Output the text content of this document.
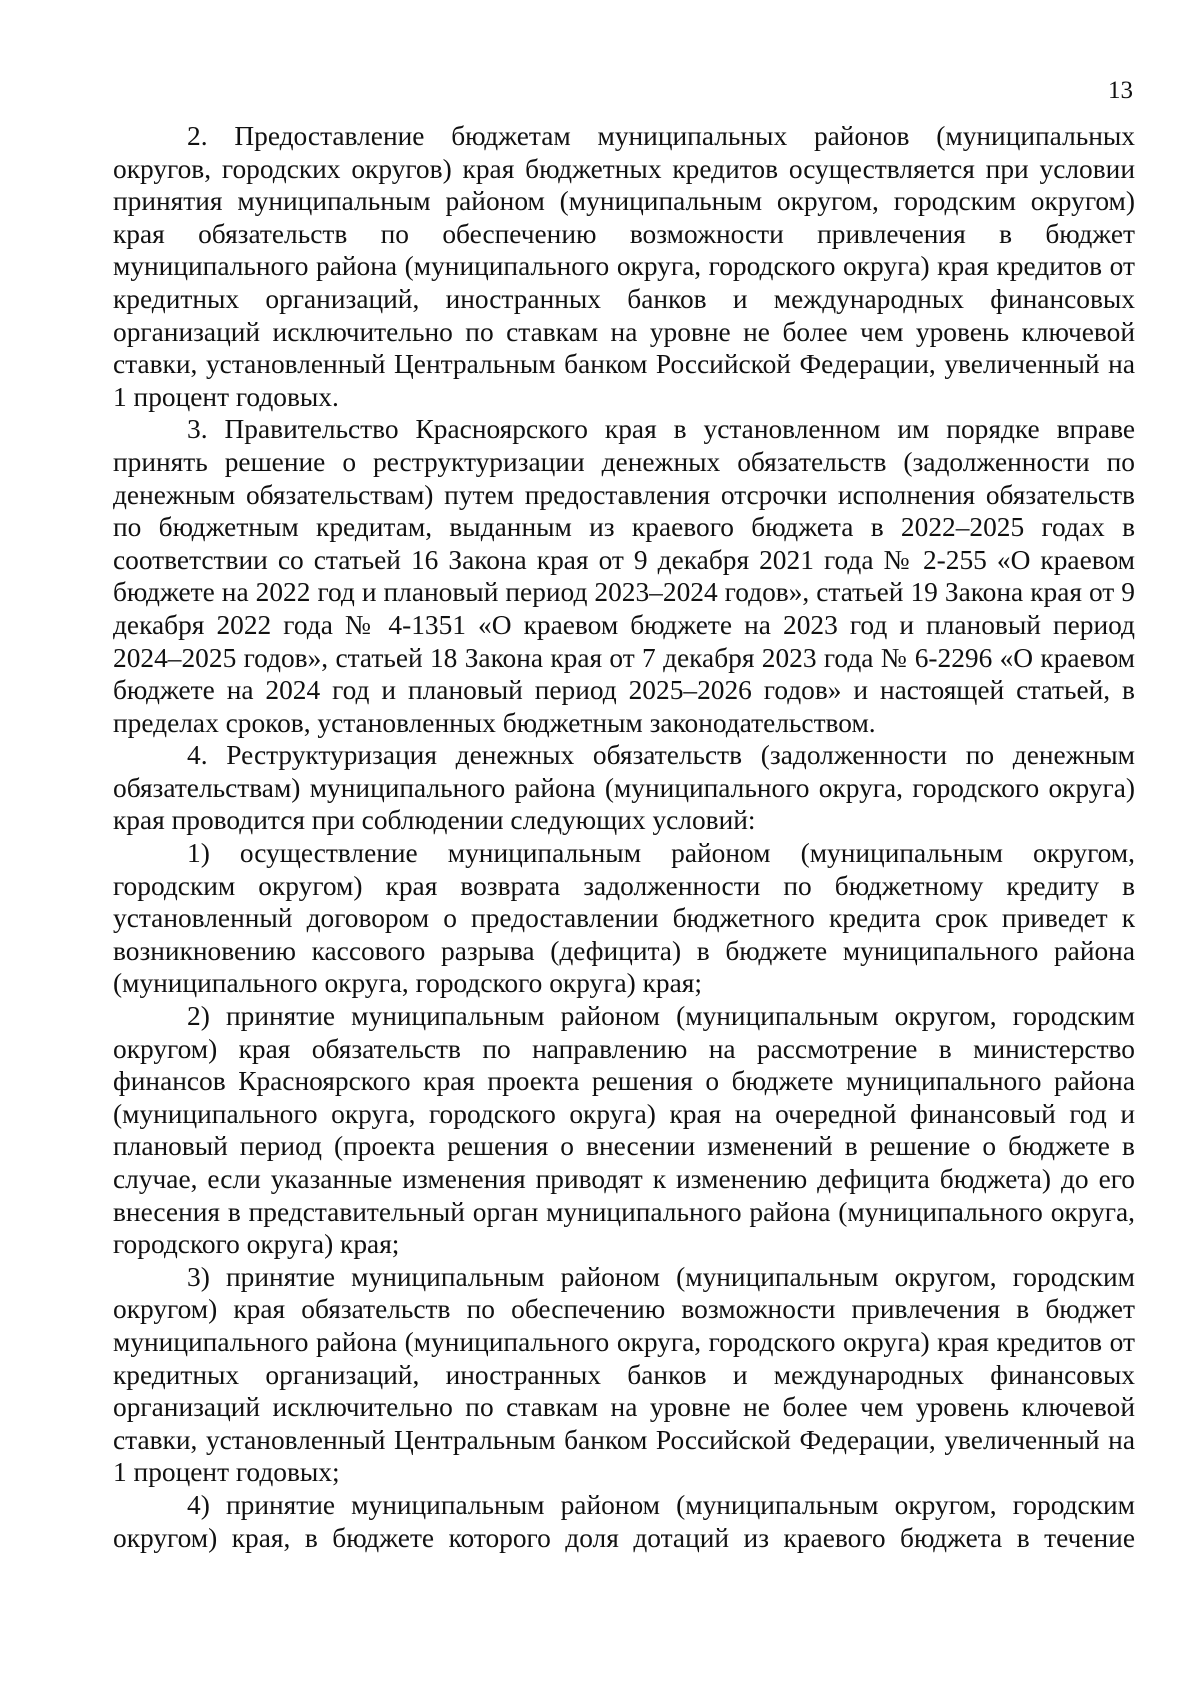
13

2. Предоставление бюджетам муниципальных районов (муниципальных округов, городских округов) края бюджетных кредитов осуществляется при условии принятия муниципальным районом (муниципальным округом, городским округом) края обязательств по обеспечению возможности привлечения в бюджет муниципального района (муниципального округа, городского округа) края кредитов от кредитных организаций, иностранных банков и международных финансовых организаций исключительно по ставкам на уровне не более чем уровень ключевой ставки, установленный Центральным банком Российской Федерации, увеличенный на 1 процент годовых.

3. Правительство Красноярского края в установленном им порядке вправе принять решение о реструктуризации денежных обязательств (задолженности по денежным обязательствам) путем предоставления отсрочки исполнения обязательств по бюджетным кредитам, выданным из краевого бюджета в 2022–2025 годах в соответствии со статьей 16 Закона края от 9 декабря 2021 года № 2-255 «О краевом бюджете на 2022 год и плановый период 2023–2024 годов», статьей 19 Закона края от 9 декабря 2022 года № 4-1351 «О краевом бюджете на 2023 год и плановый период 2024–2025 годов», статьей 18 Закона края от 7 декабря 2023 года № 6-2296 «О краевом бюджете на 2024 год и плановый период 2025–2026 годов» и настоящей статьей, в пределах сроков, установленных бюджетным законодательством.

4. Реструктуризация денежных обязательств (задолженности по денежным обязательствам) муниципального района (муниципального округа, городского округа) края проводится при соблюдении следующих условий:

1) осуществление муниципальным районом (муниципальным округом, городским округом) края возврата задолженности по бюджетному кредиту в установленный договором о предоставлении бюджетного кредита срок приведет к возникновению кассового разрыва (дефицита) в бюджете муниципального района (муниципального округа, городского округа) края;

2) принятие муниципальным районом (муниципальным округом, городским округом) края обязательств по направлению на рассмотрение в министерство финансов Красноярского края проекта решения о бюджете муниципального района (муниципального округа, городского округа) края на очередной финансовый год и плановый период (проекта решения о внесении изменений в решение о бюджете в случае, если указанные изменения приводят к изменению дефицита бюджета) до его внесения в представительный орган муниципального района (муниципального округа, городского округа) края;

3) принятие муниципальным районом (муниципальным округом, городским округом) края обязательств по обеспечению возможности привлечения в бюджет муниципального района (муниципального округа, городского округа) края кредитов от кредитных организаций, иностранных банков и международных финансовых организаций исключительно по ставкам на уровне не более чем уровень ключевой ставки, установленный Центральным банком Российской Федерации, увеличенный на 1 процент годовых;

4) принятие муниципальным районом (муниципальным округом, городским округом) края, в бюджете которого доля дотаций из краевого бюджета в течение
